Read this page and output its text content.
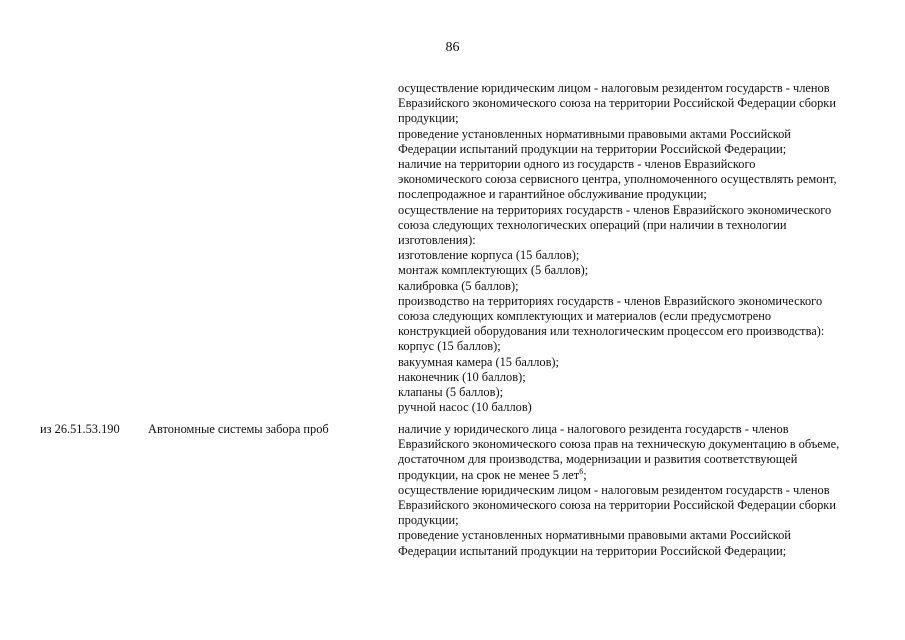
86
осуществление юридическим лицом - налоговым резидентом государств - членов
Евразийского экономического союза на территории Российской Федерации сборки
продукции;
проведение установленных нормативными правовыми актами Российской
Федерации испытаний продукции на территории Российской Федерации;
наличие на территории одного из государств - членов Евразийского
экономического союза сервисного центра, уполномоченного осуществлять ремонт,
послепродажное и гарантийное обслуживание продукции;
осуществление на территориях государств - членов Евразийского экономического
союза следующих технологических операций (при наличии в технологии
изготовления):
изготовление корпуса (15 баллов);
монтаж комплектующих (5 баллов);
калибровка (5 баллов);
производство на территориях государств - членов Евразийского экономического
союза следующих комплектующих и материалов (если предусмотрено
конструкцией оборудования или технологическим процессом его производства):
корпус (15 баллов);
вакуумная камера (15 баллов);
наконечник (10 баллов);
клапаны (5 баллов);
ручной насос (10 баллов)
из 26.51.53.190 Автономные системы забора проб	наличие у юридического лица - налогового резидента государств - членов
Евразийского экономического союза прав на техническую документацию в объеме,
достаточном для производства, модернизации и развития соответствующей
продукции, на срок не менее 5 лет$^6$;
осуществление юридическим лицом - налоговым резидентом государств - членов
Евразийского экономического союза на территории Российской Федерации сборки
продукции;
проведение установленных нормативными правовыми актами Российской
Федерации испытаний продукции на территории Российской Федерации;
